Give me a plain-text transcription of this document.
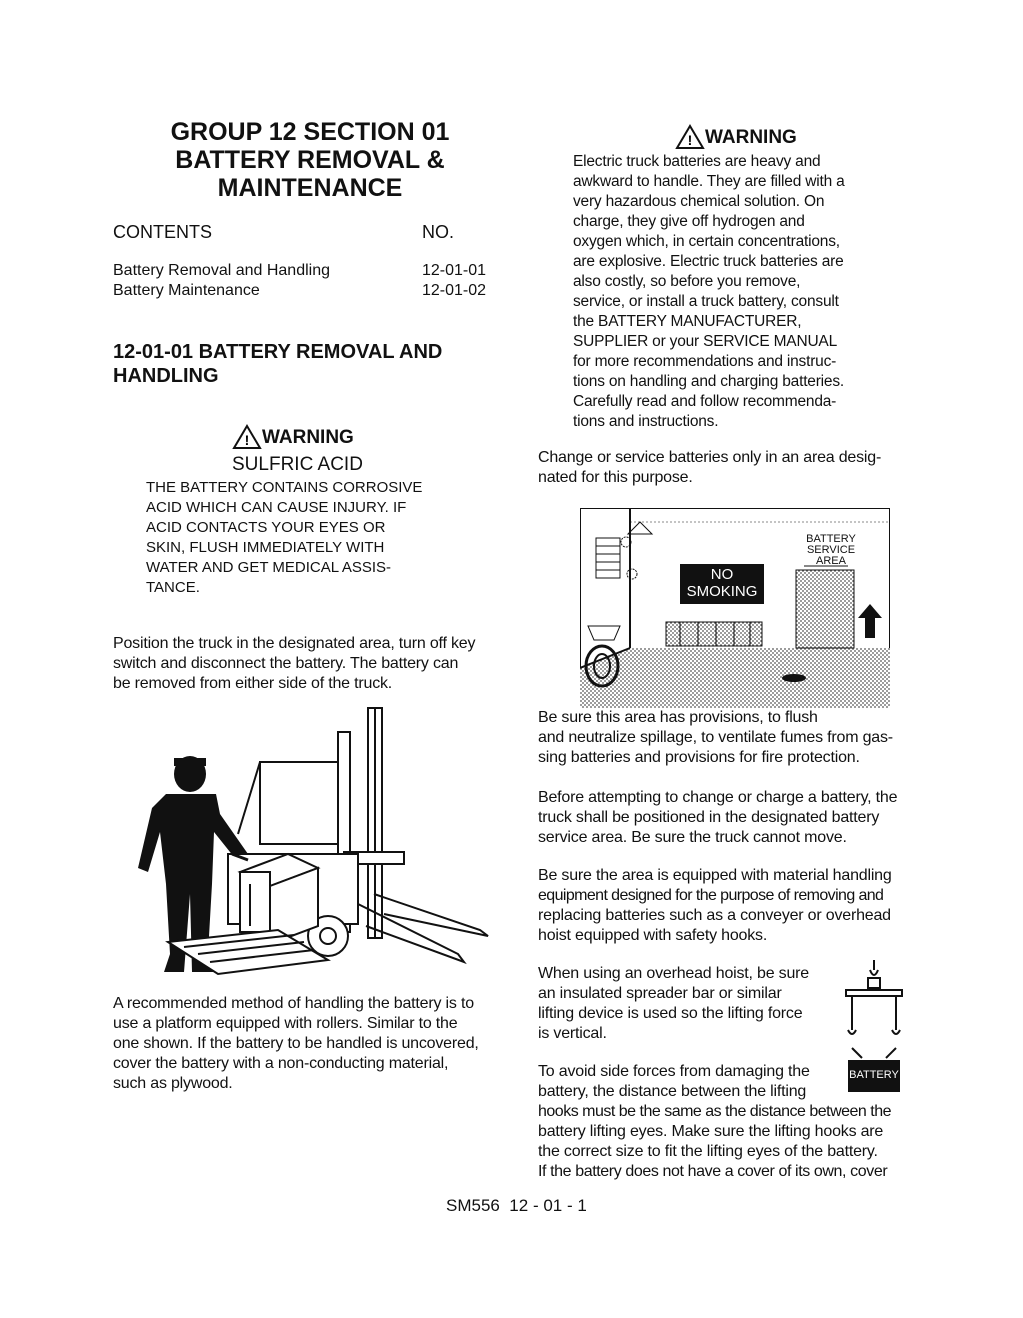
GROUP 12 SECTION 01
BATTERY REMOVAL &
MAINTENANCE
CONTENTS	NO.
Battery Removal and Handling	12-01-01
Battery Maintenance	12-01-02
12-01-01 BATTERY REMOVAL AND
HANDLING
! WARNING
SULFRIC ACID
THE BATTERY CONTAINS CORROSIVE
ACID WHICH CAN CAUSE INJURY. IF
ACID CONTACTS YOUR EYES OR
SKIN, FLUSH IMMEDIATELY WITH
WATER AND GET MEDICAL ASSIS-
TANCE.
Position the truck in the designated area, turn off key
switch and disconnect the battery. The battery can
be removed from either side of the truck.
A recommended method of handling the battery is to
use a platform equipped with rollers. Similar to the
one shown. If the battery to be handled is uncovered,
cover the battery with a non-conducting material,
such as plywood.
! WARNING
Electric truck batteries are heavy and
awkward to handle. They are filled with a
very hazardous chemical solution. On
charge, they give off hydrogen and
oxygen which, in certain concentrations,
are explosive. Electric truck batteries are
also costly, so before you remove,
service, or install a truck battery, consult
the BATTERY MANUFACTURER,
SUPPLIER or your SERVICE MANUAL
for more recommendations and instruc-
tions on handling and charging batteries.
Carefully read and follow recommenda-
tions and instructions.
Change or service batteries only in an area desig-
nated for this purpose.
NO
SMOKING
BATTERY
SERVICE
AREA
Be sure this area has provisions, to flush
and neutralize spillage, to ventilate fumes from gas-
sing batteries and provisions for fire protection.
Before attempting to change or charge a battery, the
truck shall be positioned in the designated battery
service area. Be sure the truck cannot move.
Be sure the area is equipped with material handling
equipment designed for the purpose of removing and
replacing batteries such as a conveyer or overhead
hoist equipped with safety hooks.
When using an overhead hoist, be sure
an insulated spreader bar or similar
lifting device is used so the lifting force
is vertical.
BATTERY
To avoid side forces from damaging the
battery, the distance between the lifting
hooks must be the same as the distance between the
battery lifting eyes. Make sure the lifting hooks are
the correct size to fit the lifting eyes of the battery.
If the battery does not have a cover of its own, cover
SM556  12 - 01 - 1
